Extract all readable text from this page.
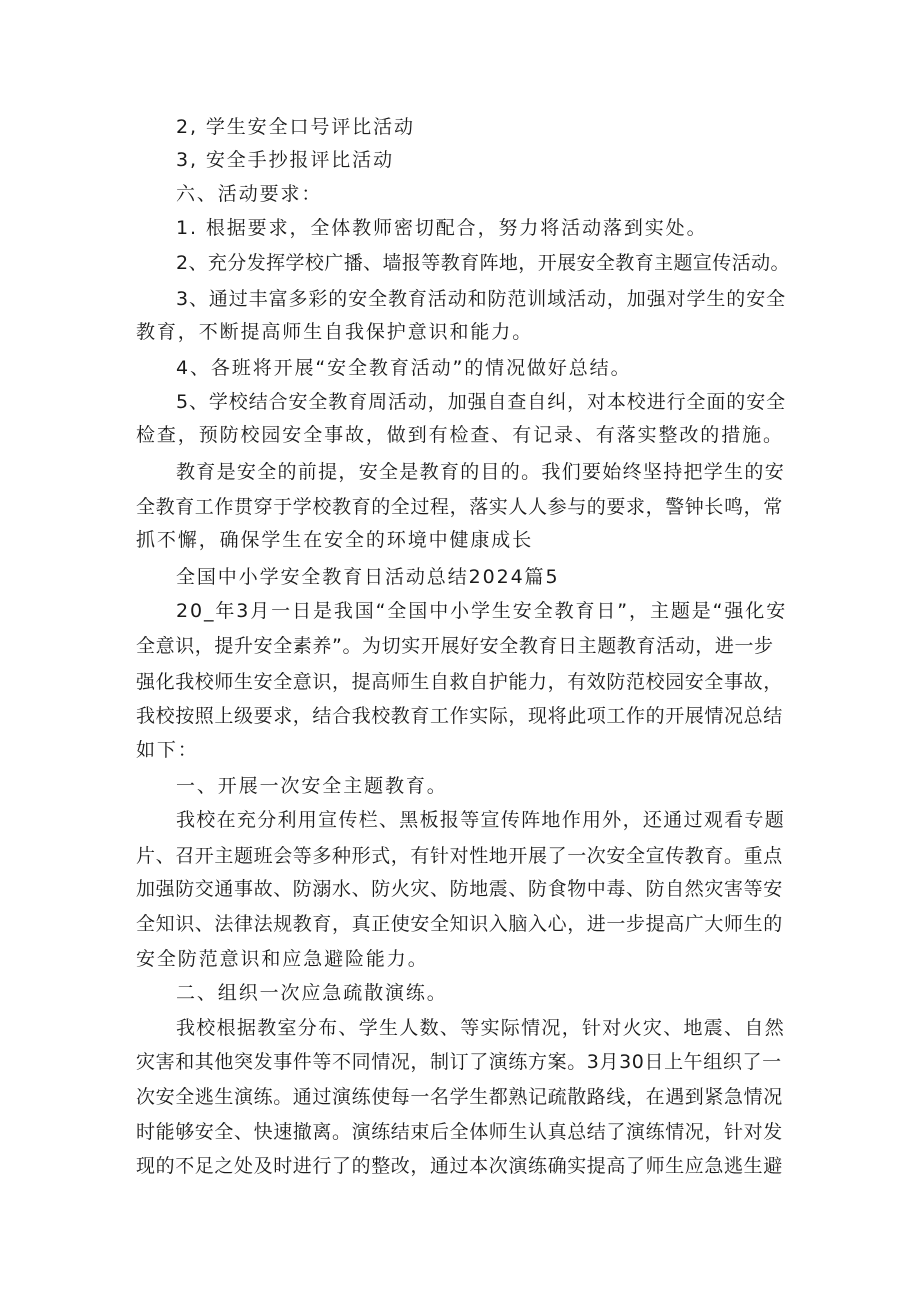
2, 学生安全口号评比活动
3, 安全手抄报评比活动
六、活动要求：
1. 根据要求，全体教师密切配合，努力将活动落到实处。
2、充分发挥学校广播、墙报等教育阵地，开展安全教育主题宣传活动。
3、通过丰富多彩的安全教育活动和防范训域活动，加强对学生的安全
教育，不断提高师生自我保护意识和能力。
4、各班将开展“安全教育活动”的情况做好总结。
5、学校结合安全教育周活动，加强自查自纠，对本校进行全面的安全
检查，预防校园安全事故，做到有检查、有记录、有落实整改的措施。
教育是安全的前提，安全是教育的目的。我们要始终坚持把学生的安
全教育工作贯穿于学校教育的全过程，落实人人参与的要求，警钟长鸣，常
抓不懈，确保学生在安全的环境中健康成长
全国中小学安全教育日活动总结2024篇5
20_年3月一日是我国“全国中小学生安全教育日”，主题是“强化安
全意识，提升安全素养”。为切实开展好安全教育日主题教育活动，进一步
强化我校师生安全意识，提高师生自救自护能力，有效防范校园安全事故，
我校按照上级要求，结合我校教育工作实际，现将此项工作的开展情况总结
如下：
一、开展一次安全主题教育。
我校在充分利用宣传栏、黑板报等宣传阵地作用外，还通过观看专题
片、召开主题班会等多种形式，有针对性地开展了一次安全宣传教育。重点
加强防交通事故、防溺水、防火灾、防地震、防食物中毒、防自然灾害等安
全知识、法律法规教育，真正使安全知识入脑入心，进一步提高广大师生的
安全防范意识和应急避险能力。
二、组织一次应急疏散演练。
我校根据教室分布、学生人数、等实际情况，针对火灾、地震、自然
灾害和其他突发事件等不同情况，制订了演练方案。3月30日上午组织了一
次安全逃生演练。通过演练使每一名学生都熟记疏散路线，在遇到紧急情况
时能够安全、快速撤离。演练结束后全体师生认真总结了演练情况，针对发
现的不足之处及时进行了的整改，通过本次演练确实提高了师生应急逃生避
